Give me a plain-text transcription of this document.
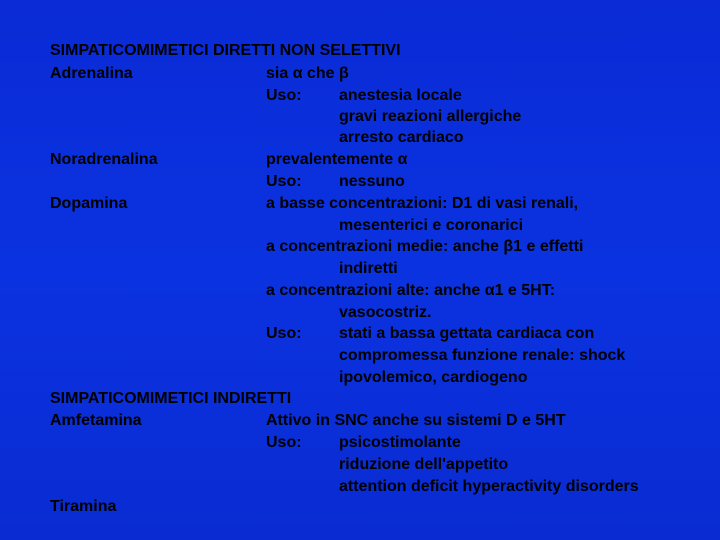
SIMPATICOMIMETICI DIRETTI NON SELETTIVI
Adrenalina	sia α che β
Uso: anestesia locale
gravi reazioni allergiche
arresto cardiaco
Noradrenalina	prevalentemente α
Uso: nessuno
Dopamina	a basse concentrazioni: D1 di vasi renali,
mesenterici e coronarici
a concentrazioni medie: anche β1 e effetti
indiretti
a concentrazioni alte: anche α1 e 5HT:
vasocostriz.
Uso: stati a bassa gettata cardiaca con
compromessa funzione renale: shock
ipovolemico, cardiogeno
SIMPATICOMIMETICI INDIRETTI
Amfetamina	Attivo in SNC anche su sistemi D e 5HT
Uso: psicostimolante
riduzione dell'appetito
attention deficit hyperactivity disorders
Tiramina
